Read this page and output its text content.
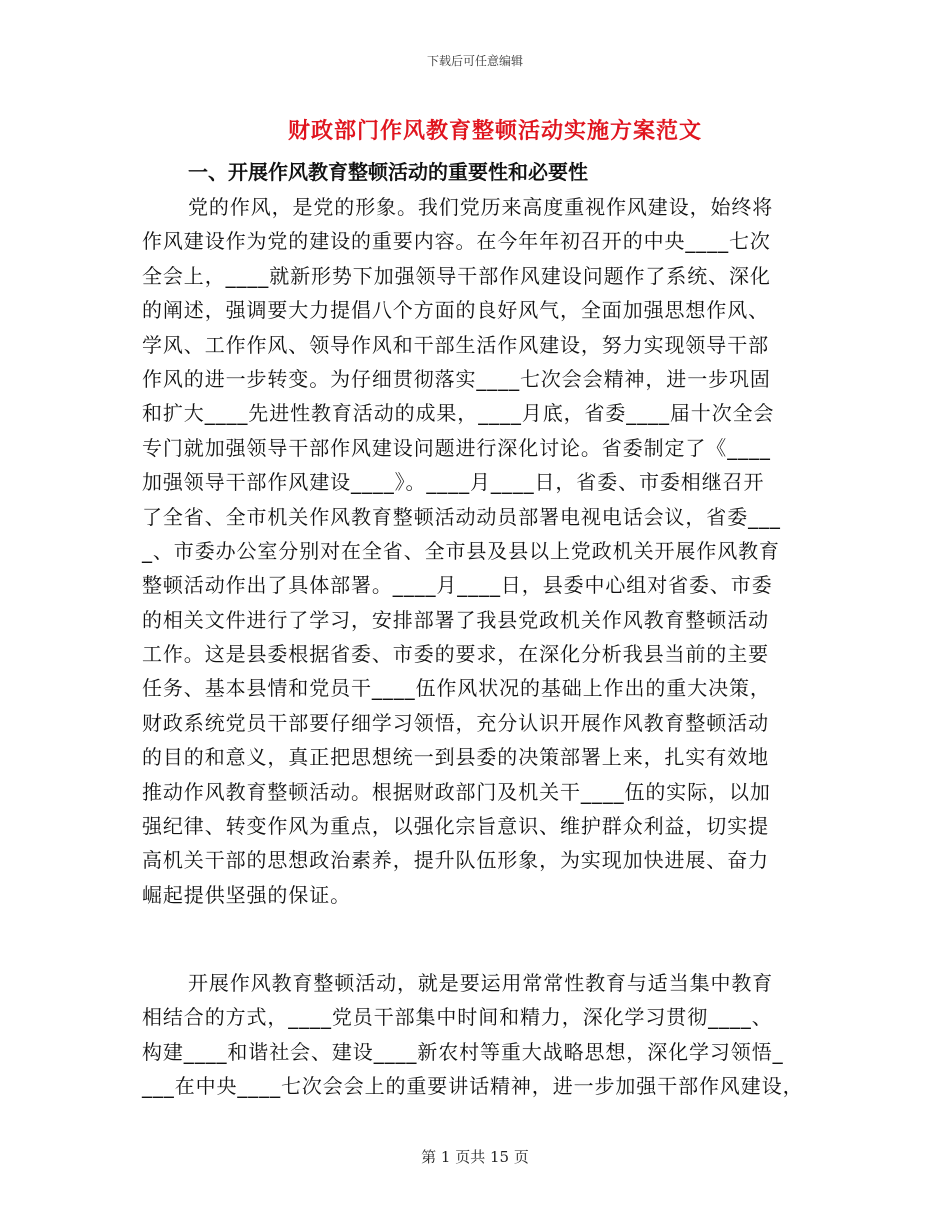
下载后可任意编辑
财政部门作风教育整顿活动实施方案范文
一、开展作风教育整顿活动的重要性和必要性
党的作风，是党的形象。我们党历来高度重视作风建设，始终将
作风建设作为党的建设的重要内容。在今年年初召开的中央____七次
全会上，____就新形势下加强领导干部作风建设问题作了系统、深化
的阐述，强调要大力提倡八个方面的良好风气，全面加强思想作风、
学风、工作作风、领导作风和干部生活作风建设，努力实现领导干部
作风的进一步转变。为仔细贯彻落实____七次会会精神，进一步巩固
和扩大____先进性教育活动的成果，____月底，省委____届十次全会
专门就加强领导干部作风建设问题进行深化讨论。省委制定了《____
加强领导干部作风建设____》。____月____日，省委、市委相继召开
了全省、全市机关作风教育整顿活动动员部署电视电话会议，省委___
_、市委办公室分别对在全省、全市县及县以上党政机关开展作风教育
整顿活动作出了具体部署。____月____日，县委中心组对省委、市委
的相关文件进行了学习，安排部署了我县党政机关作风教育整顿活动
工作。这是县委根据省委、市委的要求，在深化分析我县当前的主要
任务、基本县情和党员干____伍作风状况的基础上作出的重大决策，
财政系统党员干部要仔细学习领悟，充分认识开展作风教育整顿活动
的目的和意义，真正把思想统一到县委的决策部署上来，扎实有效地
推动作风教育整顿活动。根据财政部门及机关干____伍的实际，以加
强纪律、转变作风为重点，以强化宗旨意识、维护群众利益，切实提
高机关干部的思想政治素养，提升队伍形象，为实现加快进展、奋力
崛起提供坚强的保证。
开展作风教育整顿活动，就是要运用常常性教育与适当集中教育
相结合的方式，____党员干部集中时间和精力，深化学习贯彻____、
构建____和谐社会、建设____新农村等重大战略思想，深化学习领悟_
___在中央____七次会会上的重要讲话精神，进一步加强干部作风建设，
第 1 页共 15 页
